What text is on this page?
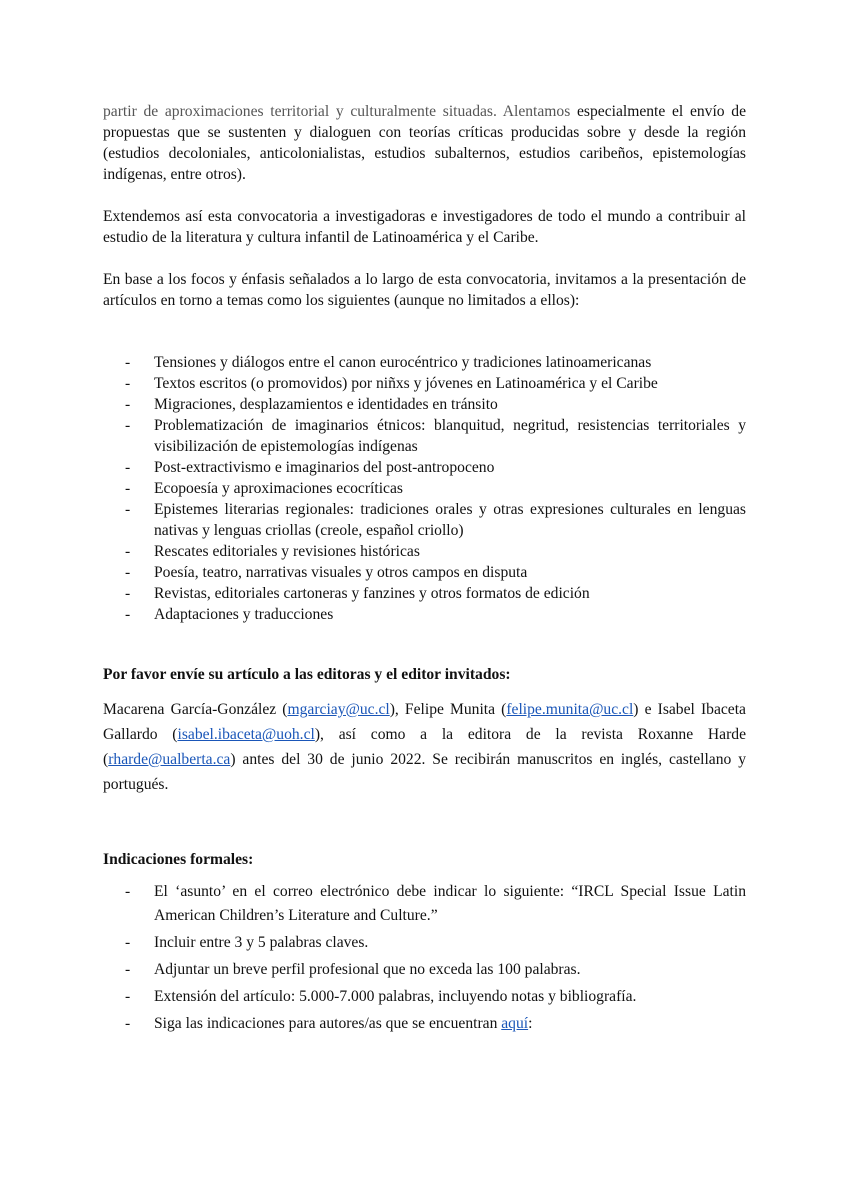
partir de aproximaciones territorial y culturalmente situadas. Alentamos especialmente el envío de propuestas que se sustenten y dialoguen con teorías críticas producidas sobre y desde la región (estudios decoloniales, anticolonialistas, estudios subalternos, estudios caribeños, epistemologías indígenas, entre otros).

Extendemos así esta convocatoria a investigadoras e investigadores de todo el mundo a contribuir al estudio de la literatura y cultura infantil de Latinoamérica y el Caribe.

En base a los focos y énfasis señalados a lo largo de esta convocatoria, invitamos a la presentación de artículos en torno a temas como los siguientes (aunque no limitados a ellos):

- Tensiones y diálogos entre el canon eurocéntrico y tradiciones latinoamericanas
- Textos escritos (o promovidos) por niñxs y jóvenes en Latinoamérica y el Caribe
- Migraciones, desplazamientos e identidades en tránsito
- Problematización de imaginarios étnicos: blanquitud, negritud, resistencias territoriales y visibilización de epistemologías indígenas
- Post-extractivismo e imaginarios del post-antropoceno
- Ecopoesía y aproximaciones ecocríticas
- Epistemes literarias regionales: tradiciones orales y otras expresiones culturales en lenguas nativas y lenguas criollas (creole, español criollo)
- Rescates editoriales y revisiones históricas
- Poesía, teatro, narrativas visuales y otros campos en disputa
- Revistas, editoriales cartoneras y fanzines y otros formatos de edición
- Adaptaciones y traducciones
Por favor envíe su artículo a las editoras y el editor invitados:

Macarena García-González (mgarciay@uc.cl), Felipe Munita (felipe.munita@uc.cl) e Isabel Ibaceta Gallardo (isabel.ibaceta@uoh.cl), así como a la editora de la revista Roxanne Harde (rharde@ualberta.ca) antes del 30 de junio 2022. Se recibirán manuscritos en inglés, castellano y portugués.

Indicaciones formales:
- El ‘asunto’ en el correo electrónico debe indicar lo siguiente: “IRCL Special Issue Latin American Children’s Literature and Culture.”
- Incluir entre 3 y 5 palabras claves.
- Adjuntar un breve perfil profesional que no exceda las 100 palabras.
- Extensión del artículo: 5.000-7.000 palabras, incluyendo notas y bibliografía.
- Siga las indicaciones para autores/as que se encuentran aquí:
